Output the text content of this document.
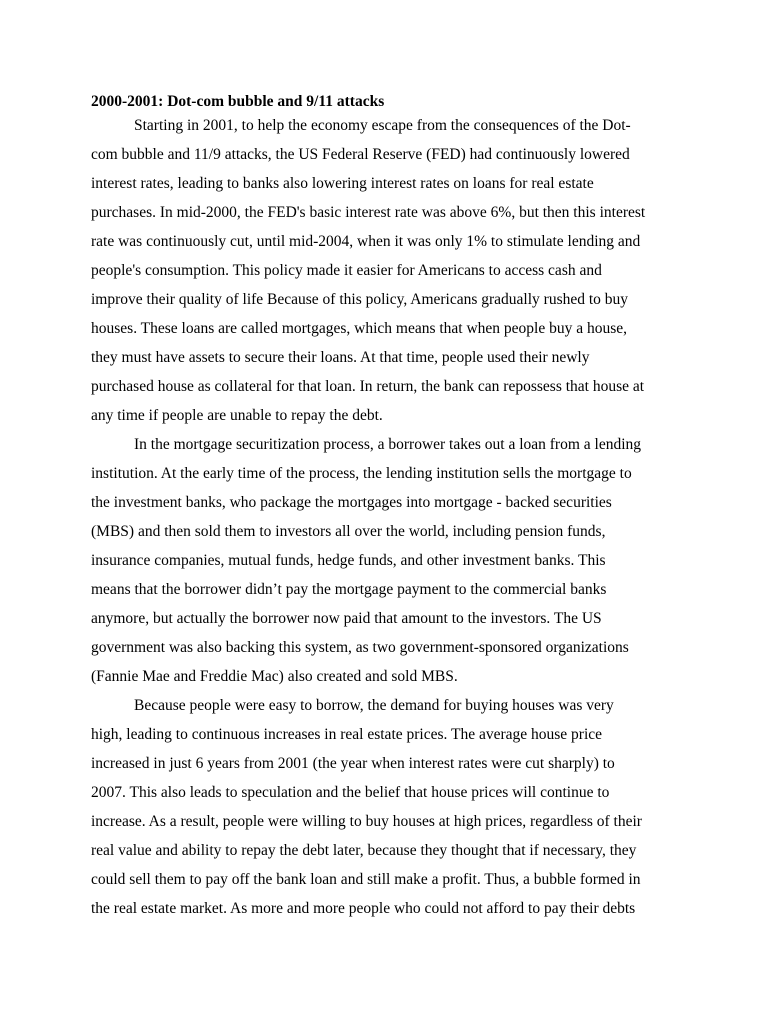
2000-2001: Dot-com bubble and 9/11 attacks

Starting in 2001, to help the economy escape from the consequences of the Dot-

com bubble and 11/9 attacks, the US Federal Reserve (FED) had continuously lowered

interest rates, leading to banks also lowering interest rates on loans for real estate

purchases. In mid-2000, the FED's basic interest rate was above 6%, but then this interest

rate was continuously cut, until mid-2004, when it was only 1% to stimulate lending and

people's consumption. This policy made it easier for Americans to access cash and

improve their quality of life Because of this policy, Americans gradually rushed to buy

houses. These loans are called mortgages, which means that when people buy a house,

they must have assets to secure their loans. At that time, people used their newly

purchased house as collateral for that loan. In return, the bank can repossess that house at

any time if people are unable to repay the debt.

In the mortgage securitization process, a borrower takes out a loan from a lending

institution. At the early time of the process, the lending institution sells the mortgage to

the investment banks, who package the mortgages into mortgage - backed securities

(MBS) and then sold them to investors all over the world, including pension funds,

insurance companies, mutual funds, hedge funds, and other investment banks. This

means that the borrower didn’t pay the mortgage payment to the commercial banks

anymore, but actually the borrower now paid that amount to the investors. The US

government was also backing this system, as two government-sponsored organizations

(Fannie Mae and Freddie Mac) also created and sold MBS.

Because people were easy to borrow, the demand for buying houses was very

high, leading to continuous increases in real estate prices. The average house price

increased in just 6 years from 2001 (the year when interest rates were cut sharply) to

2007. This also leads to speculation and the belief that house prices will continue to

increase. As a result, people were willing to buy houses at high prices, regardless of their

real value and ability to repay the debt later, because they thought that if necessary, they

could sell them to pay off the bank loan and still make a profit. Thus, a bubble formed in

the real estate market. As more and more people who could not afford to pay their debts
